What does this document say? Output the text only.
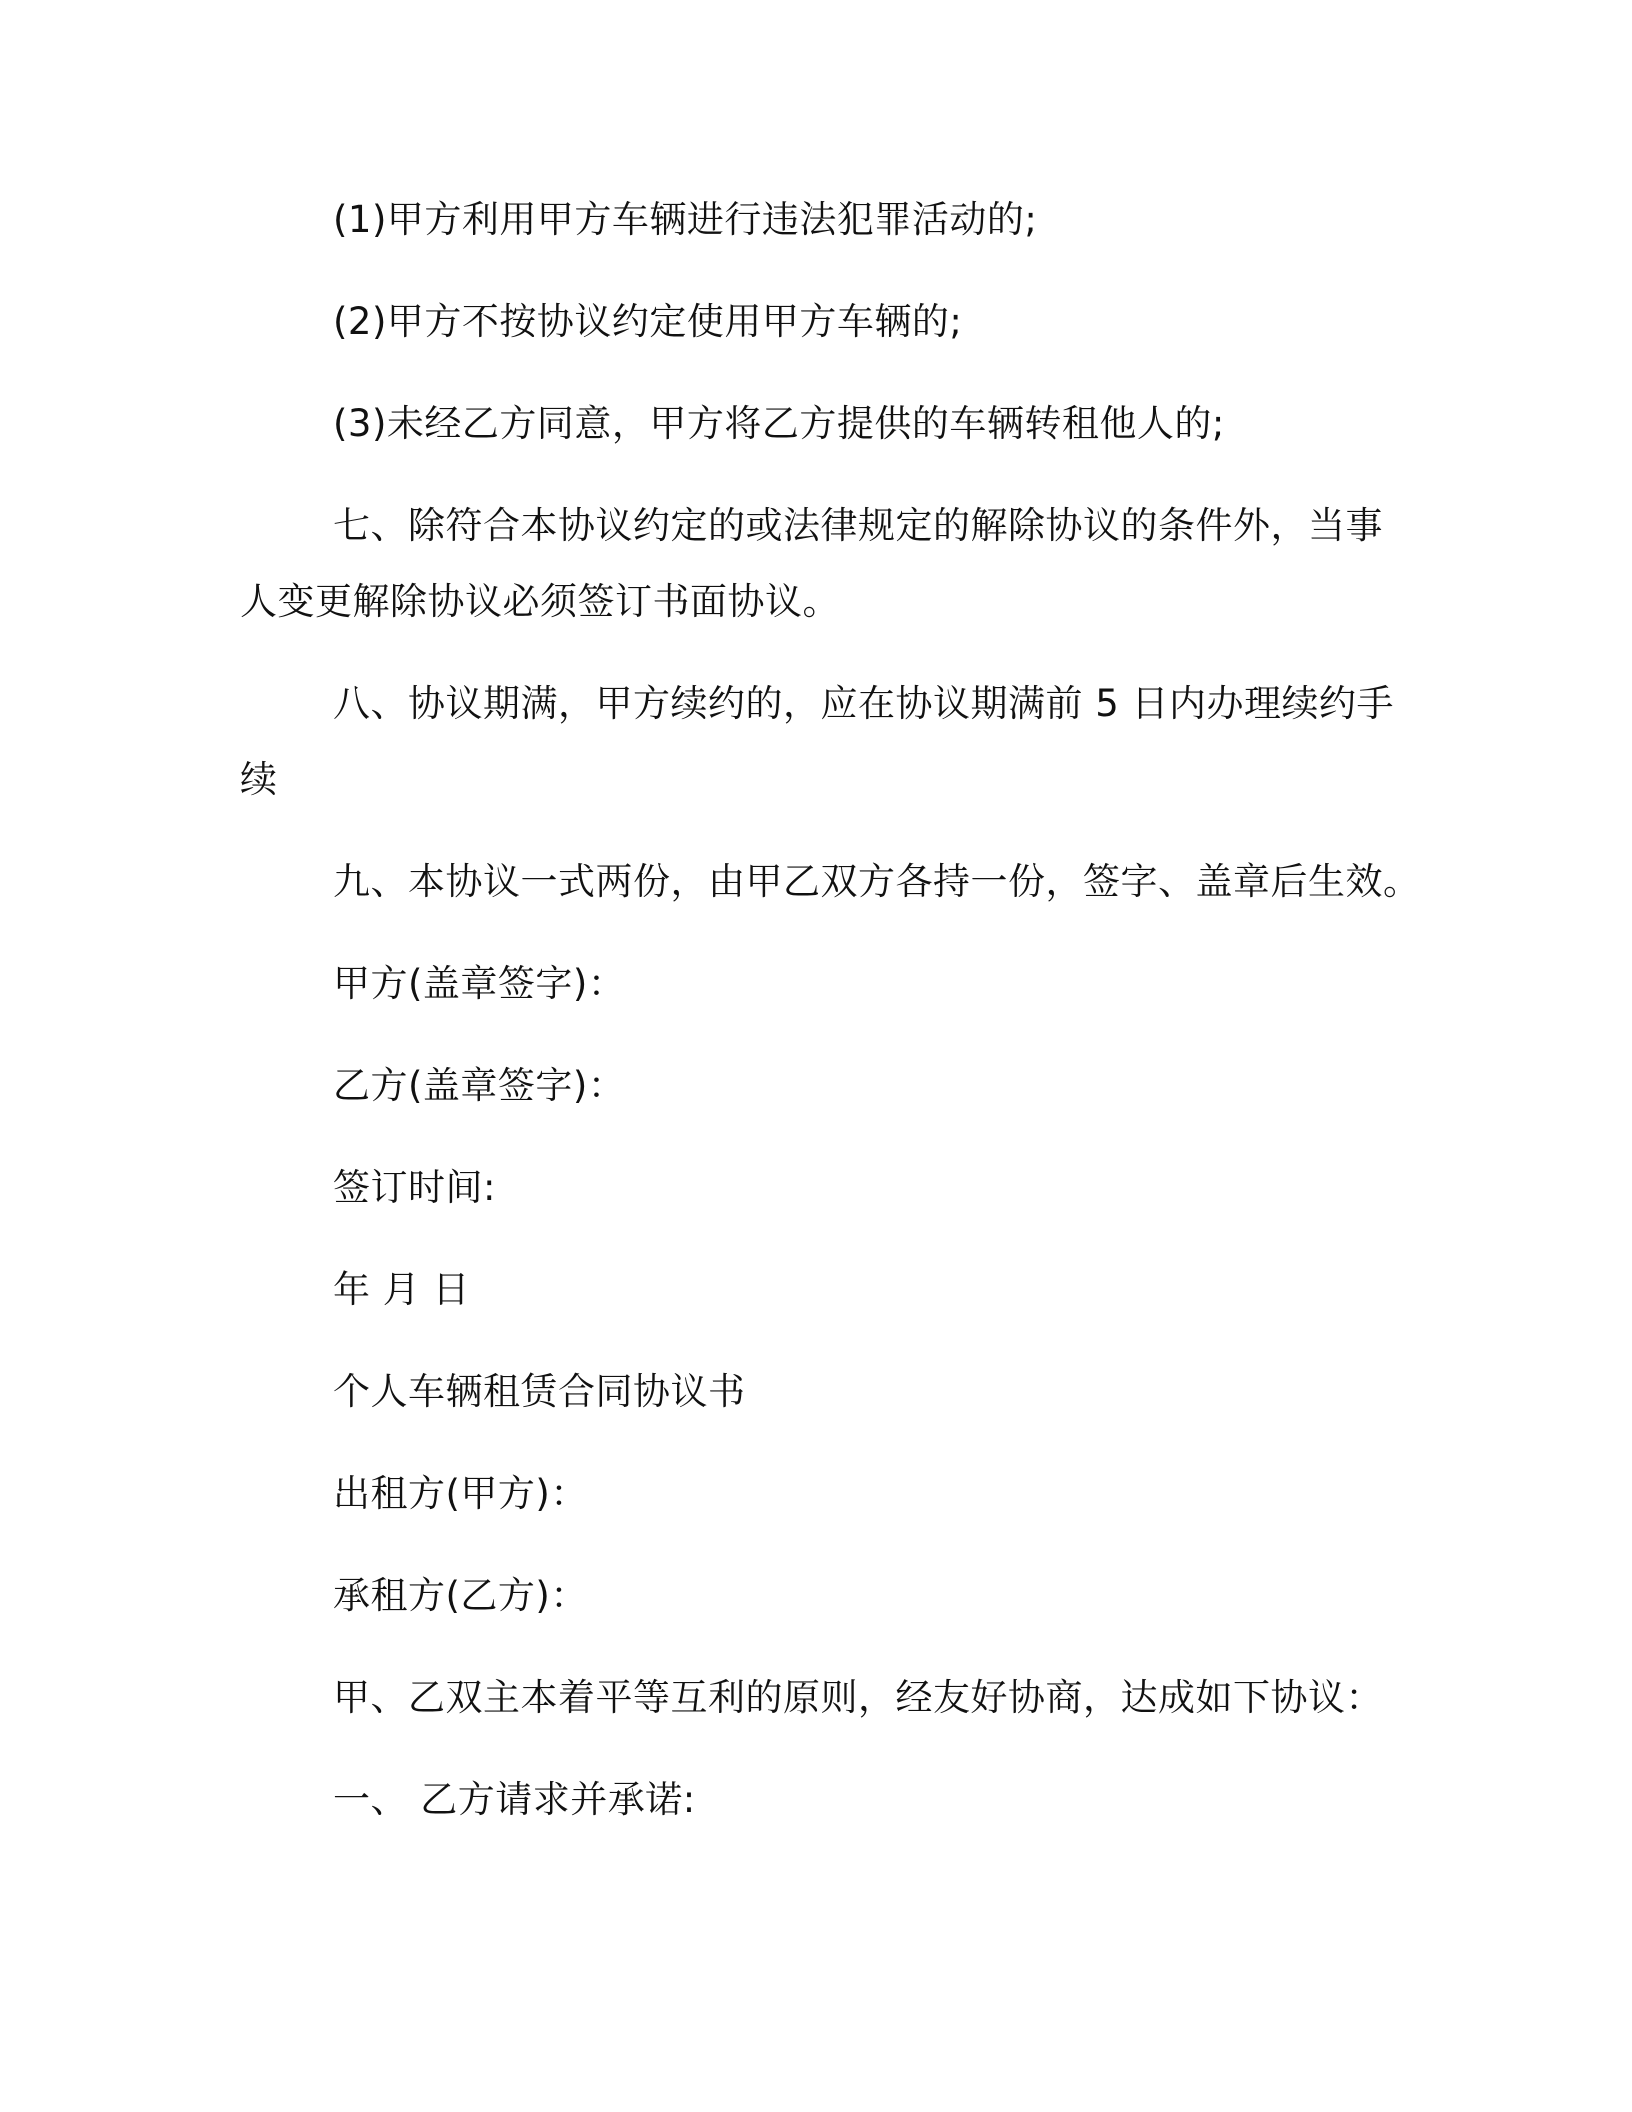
(1)甲方利用甲方车辆进行违法犯罪活动的;
(2)甲方不按协议约定使用甲方车辆的;
(3)未经乙方同意，甲方将乙方提供的车辆转租他人的;
七、除符合本协议约定的或法律规定的解除协议的条件外，当事
人变更解除协议必须签订书面协议。
八、协议期满，甲方续约的，应在协议期满前 5 日内办理续约手
续
九、本协议一式两份，由甲乙双方各持一份，签字、盖章后生效。
甲方(盖章签字)：
乙方(盖章签字)：
签订时间:
年 月 日
个人车辆租赁合同协议书
出租方(甲方)：
承租方(乙方)：
甲、乙双主本着平等互利的原则，经友好协商，达成如下协议：
一、 乙方请求并承诺:
